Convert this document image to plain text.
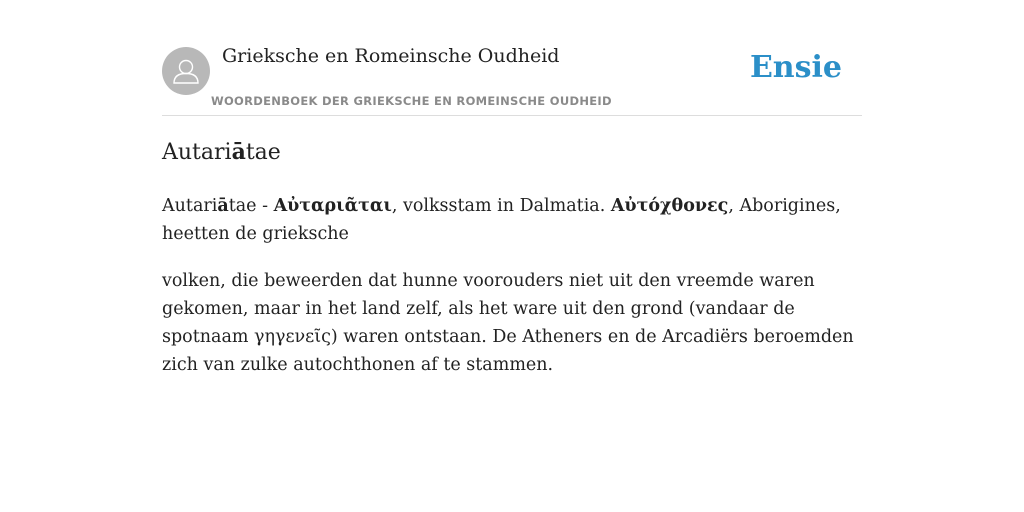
Grieksche en Romeinsche Oudheid
WOORDENBOEK DER GRIEKSCHE EN ROMEINSCHE OUDHEID
Ensie
Autariātae

Autariātae - Αὐταριᾶται, volksstam in Dalmatia. Αὐτόχθονες, Aborigines, heetten de grieksche

volken, die beweerden dat hunne voorouders niet uit den vreemde waren gekomen, maar in het land zelf, als het ware uit den grond (vandaar de spotnaam γηγενεῖς) waren ontstaan. De Atheners en de Arcadiërs beroemden zich van zulke autochthonen af te stammen.
